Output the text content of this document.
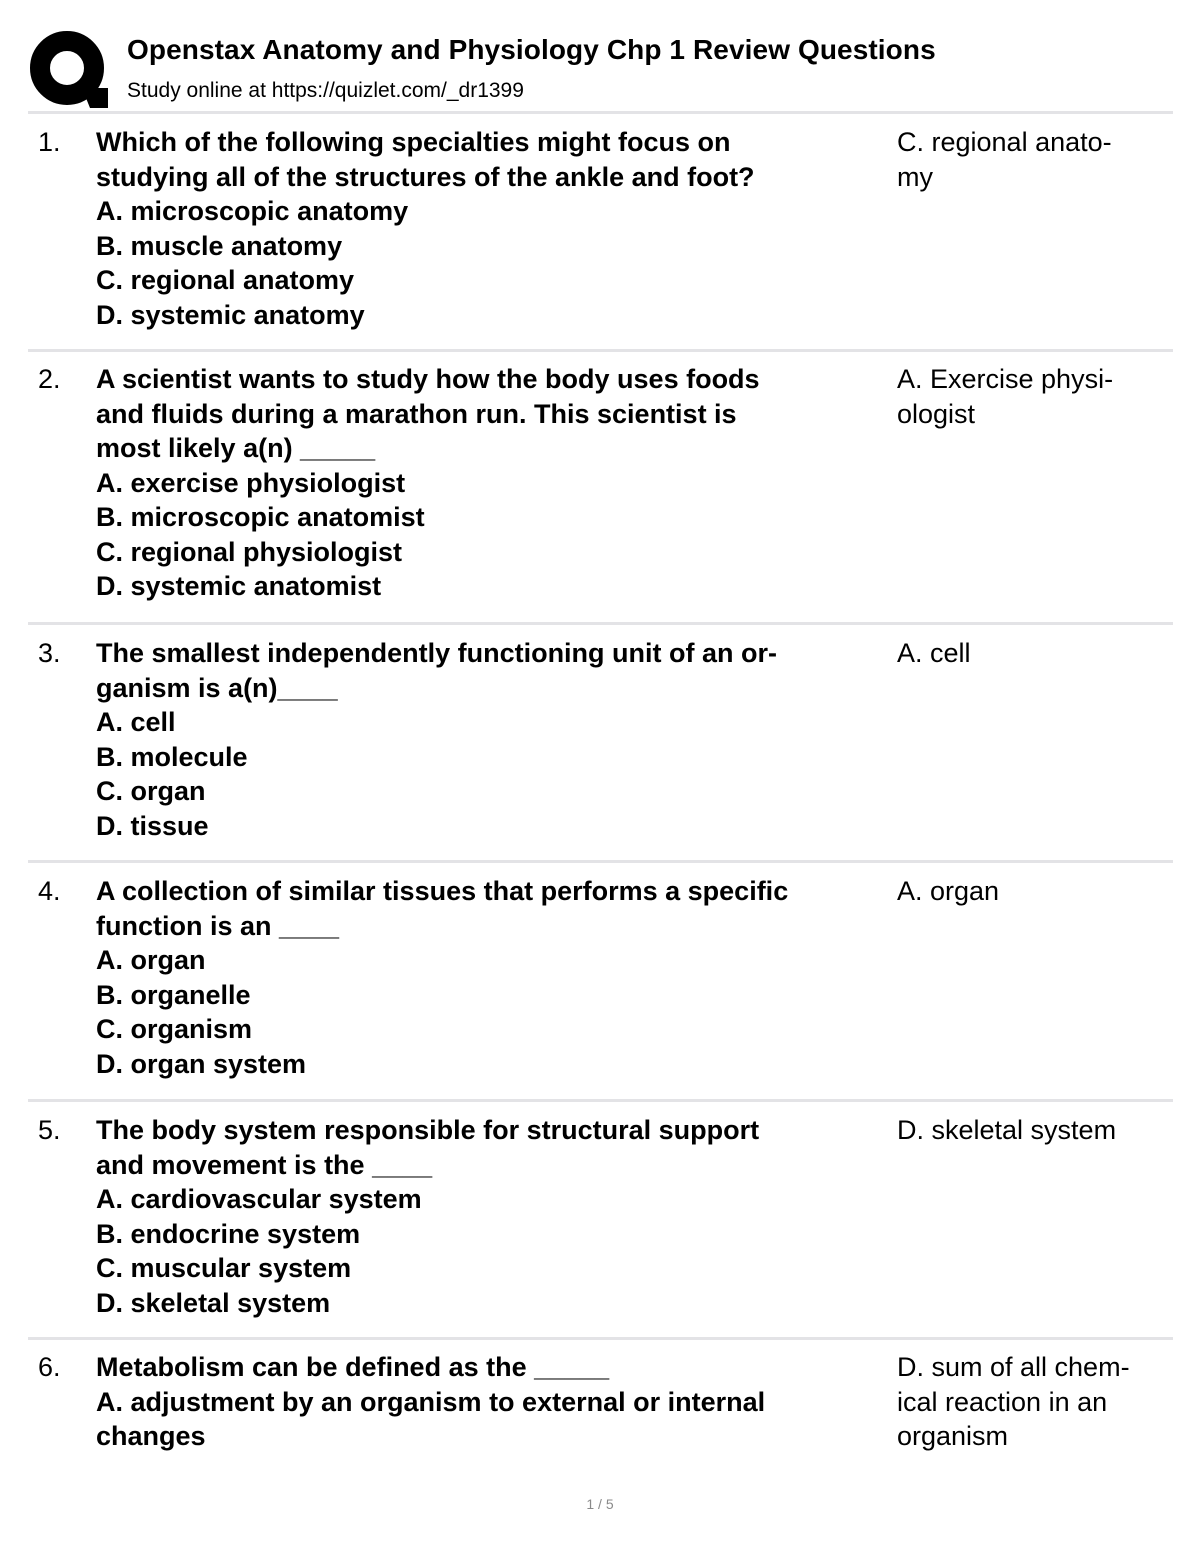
Openstax Anatomy and Physiology Chp 1 Review Questions
Study online at https://quizlet.com/_dr1399
1. Which of the following specialties might focus on
studying all of the structures of the ankle and foot?
A. microscopic anatomy
B. muscle anatomy
C. regional anatomy
D. systemic anatomy
C. regional anato-
my
2. A scientist wants to study how the body uses foods
and fluids during a marathon run. This scientist is
most likely a(n) _____
A. exercise physiologist
B. microscopic anatomist
C. regional physiologist
D. systemic anatomist
A. Exercise physi-
ologist
3. The smallest independently functioning unit of an or-
ganism is a(n)____
A. cell
B. molecule
C. organ
D. tissue
A. cell
4. A collection of similar tissues that performs a specific
function is an ____
A. organ
B. organelle
C. organism
D. organ system
A. organ
5. The body system responsible for structural support
and movement is the ____
A. cardiovascular system
B. endocrine system
C. muscular system
D. skeletal system
D. skeletal system
6. Metabolism can be defined as the _____
A. adjustment by an organism to external or internal
changes
D. sum of all chem-
ical reaction in an
organism
1 / 5
